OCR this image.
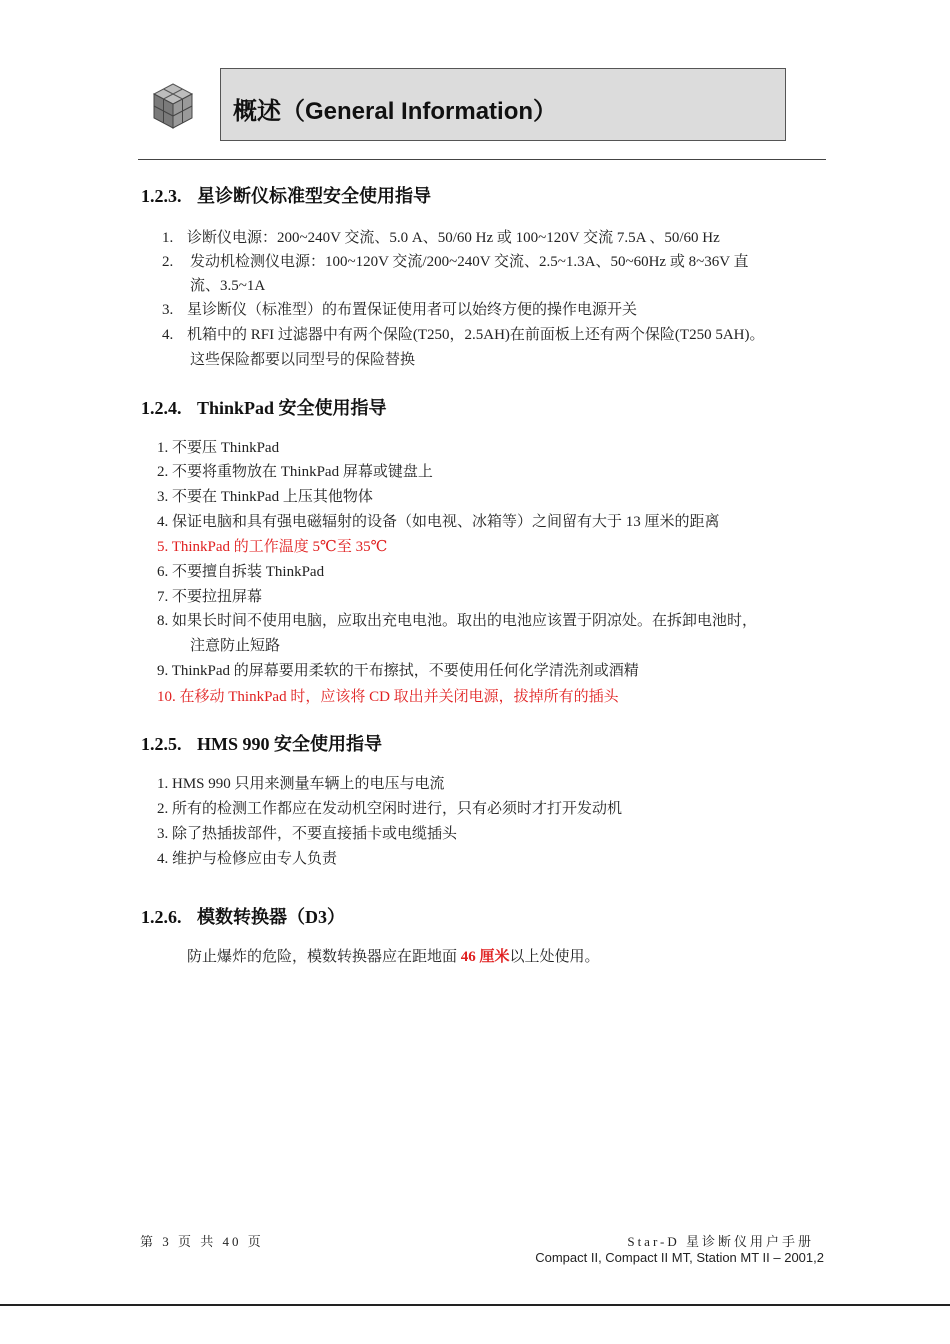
概述（General Information）
1.2.3. 星诊断仪标准型安全使用指导
1. 诊断仪电源：200~240V 交流、5.0 A、50/60 Hz 或 100~120V 交流 7.5A 、50/60 Hz
2. 发动机检测仪电源：100~120V 交流/200~240V 交流、2.5~1.3A、50~60Hz 或 8~36V 直
流、3.5~1A
3. 星诊断仪（标准型）的布置保证使用者可以始终方便的操作电源开关
4. 机箱中的 RFI 过滤器中有两个保险(T250，2.5AH)在前面板上还有两个保险(T250 5AH)。
这些保险都要以同型号的保险替换
1.2.4. ThinkPad 安全使用指导
1. 不要压 ThinkPad
2. 不要将重物放在 ThinkPad 屏幕或键盘上
3. 不要在 ThinkPad 上压其他物体
4. 保证电脑和具有强电磁辐射的设备（如电视、冰箱等）之间留有大于 13 厘米的距离
5. ThinkPad 的工作温度 5℃至 35℃
6. 不要擅自拆装 ThinkPad
7. 不要拉扭屏幕
8. 如果长时间不使用电脑，应取出充电电池。取出的电池应该置于阴凉处。在拆卸电池时，
注意防止短路
9. ThinkPad 的屏幕要用柔软的干布擦拭，不要使用任何化学清洗剂或酒精
10. 在移动 ThinkPad 时，应该将 CD 取出并关闭电源，拔掉所有的插头
1.2.5. HMS 990 安全使用指导
1. HMS 990 只用来测量车辆上的电压与电流
2. 所有的检测工作都应在发动机空闲时进行，只有必须时才打开发动机
3. 除了热插拔部件，不要直接插卡或电缆插头
4. 维护与检修应由专人负责
1.2.6. 模数转换器（D3）
防止爆炸的危险，模数转换器应在距地面 46 厘米以上处使用。
第 3 页 共 40 页	Star-D 星诊断仪用户手册
Compact II, Compact II MT, Station MT II – 2001,2
